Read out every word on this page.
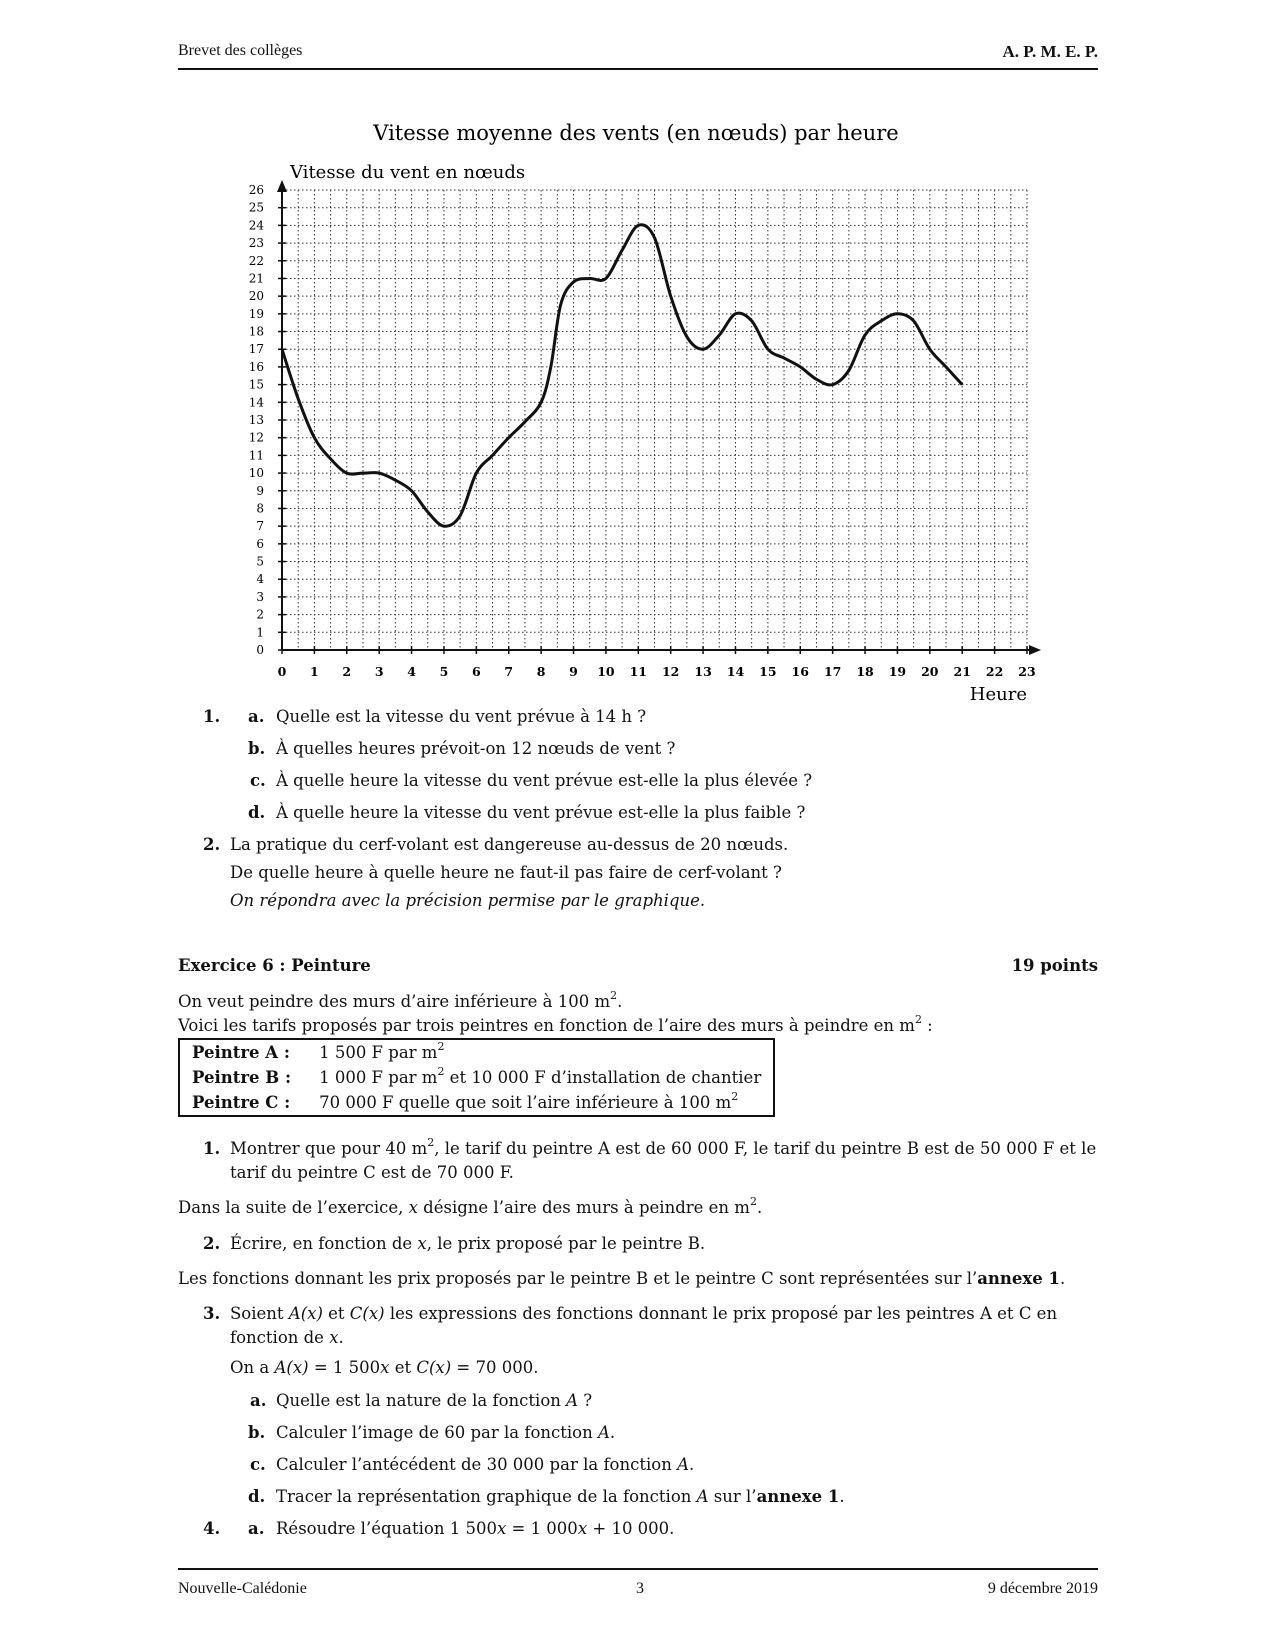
Brevet des collèges	A. P. M. E. P.
Vitesse moyenne des vents (en nœuds) par heure
Vitesse du vent en nœuds
Heure
0
1
2
3
4
5
6
7
8
9
10
11
12
13
14
15
16
17
18
19
20
21
22
23
24
25
26
0 1 2 3 4 5 6 7 8 9 10 11 12 13 14 15 16 17 18 19 20 21 22 23
1. a. Quelle est la vitesse du vent prévue à 14 h ?
b. À quelles heures prévoit-on 12 nœuds de vent ?
c. À quelle heure la vitesse du vent prévue est-elle la plus élevée ?
d. À quelle heure la vitesse du vent prévue est-elle la plus faible ?
2. La pratique du cerf-volant est dangereuse au-dessus de 20 nœuds.
De quelle heure à quelle heure ne faut-il pas faire de cerf-volant ?
On répondra avec la précision permise par le graphique.
Exercice 6 : Peinture	19 points
On veut peindre des murs d’aire inférieure à 100 $m^2$.
Voici les tarifs proposés par trois peintres en fonction de l’aire des murs à peindre en $m^2$ :
Peintre A :	1 500 F par $m^2$
Peintre B :	1 000 F par $m^2$ et 10 000 F d’installation de chantier
Peintre C :	70 000 F quelle que soit l’aire inférieure à 100 $m^2$
1. Montrer que pour 40 $m^2$, le tarif du peintre A est de 60 000 F, le tarif du peintre B est de 50 000 F et le
tarif du peintre C est de 70 000 F.
Dans la suite de l’exercice, x désigne l’aire des murs à peindre en $m^2$.
2. Écrire, en fonction de x, le prix proposé par le peintre B.
Les fonctions donnant les prix proposés par le peintre B et le peintre C sont représentées sur l’annexe 1.
3. Soient A(x) et C(x) les expressions des fonctions donnant le prix proposé par les peintres A et C en
fonction de x.
On a A(x) = 1 500x et C(x) = 70 000.
a. Quelle est la nature de la fonction A ?
b. Calculer l’image de 60 par la fonction A.
c. Calculer l’antécédent de 30 000 par la fonction A.
d. Tracer la représentation graphique de la fonction A sur l’annexe 1.
4. a. Résoudre l’équation 1 500x = 1 000x + 10 000.
Nouvelle-Calédonie	3	9 décembre 2019
